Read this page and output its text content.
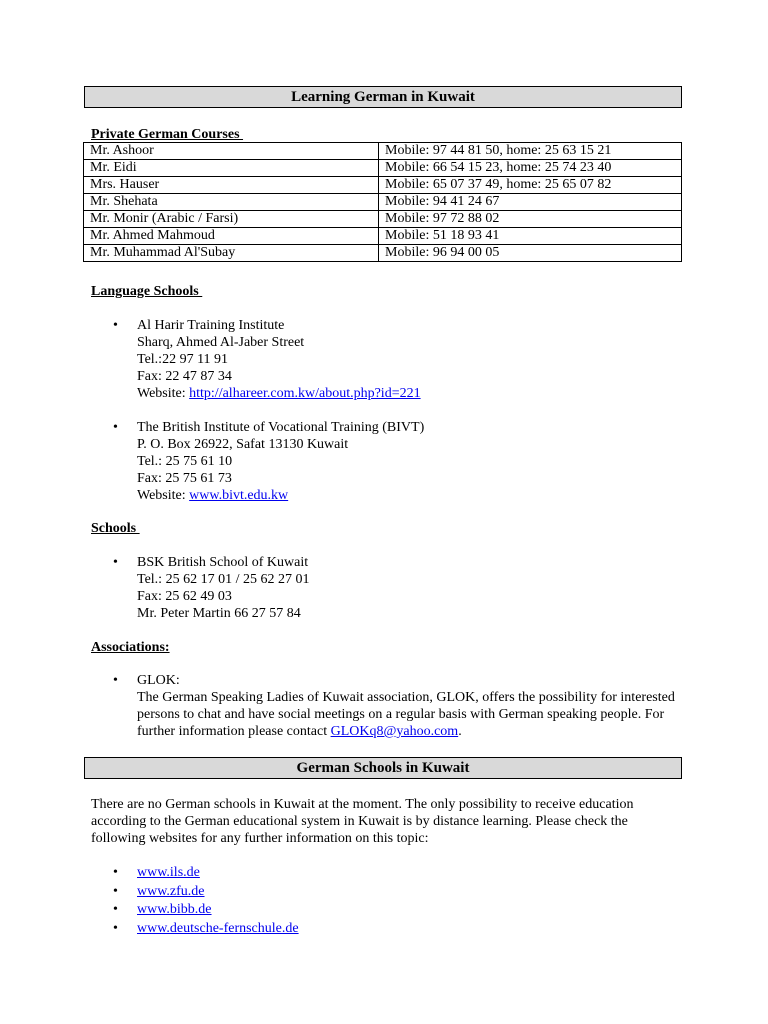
Learning German in Kuwait
Private German Courses
Mr. Ashoor	Mobile: 97 44 81 50, home: 25 63 15 21
Mr. Eidi	Mobile: 66 54 15 23, home: 25 74 23 40
Mrs. Hauser	Mobile: 65 07 37 49, home: 25 65 07 82
Mr. Shehata	Mobile: 94 41 24 67
Mr. Monir (Arabic / Farsi)	Mobile: 97 72 88 02
Mr. Ahmed Mahmoud	Mobile: 51 18 93 41
Mr. Muhammad Al'Subay	Mobile: 96 94 00 05
Language Schools
• Al Harir Training Institute
Sharq, Ahmed Al-Jaber Street
Tel.:22 97 11 91
Fax: 22 47 87 34
Website: http://alhareer.com.kw/about.php?id=221
• The British Institute of Vocational Training (BIVT)
P. O. Box 26922, Safat 13130 Kuwait
Tel.: 25 75 61 10
Fax: 25 75 61 73
Website: www.bivt.edu.kw
Schools
• BSK British School of Kuwait
Tel.: 25 62 17 01 / 25 62 27 01
Fax: 25 62 49 03
Mr. Peter Martin 66 27 57 84
Associations:
• GLOK:
The German Speaking Ladies of Kuwait association, GLOK, offers the possibility for interested persons to chat and have social meetings on a regular basis with German speaking people. For further information please contact GLOKq8@yahoo.com.
German Schools in Kuwait
There are no German schools in Kuwait at the moment. The only possibility to receive education according to the German educational system in Kuwait is by distance learning. Please check the following websites for any further information on this topic:
• www.ils.de
• www.zfu.de
• www.bibb.de
• www.deutsche-fernschule.de
